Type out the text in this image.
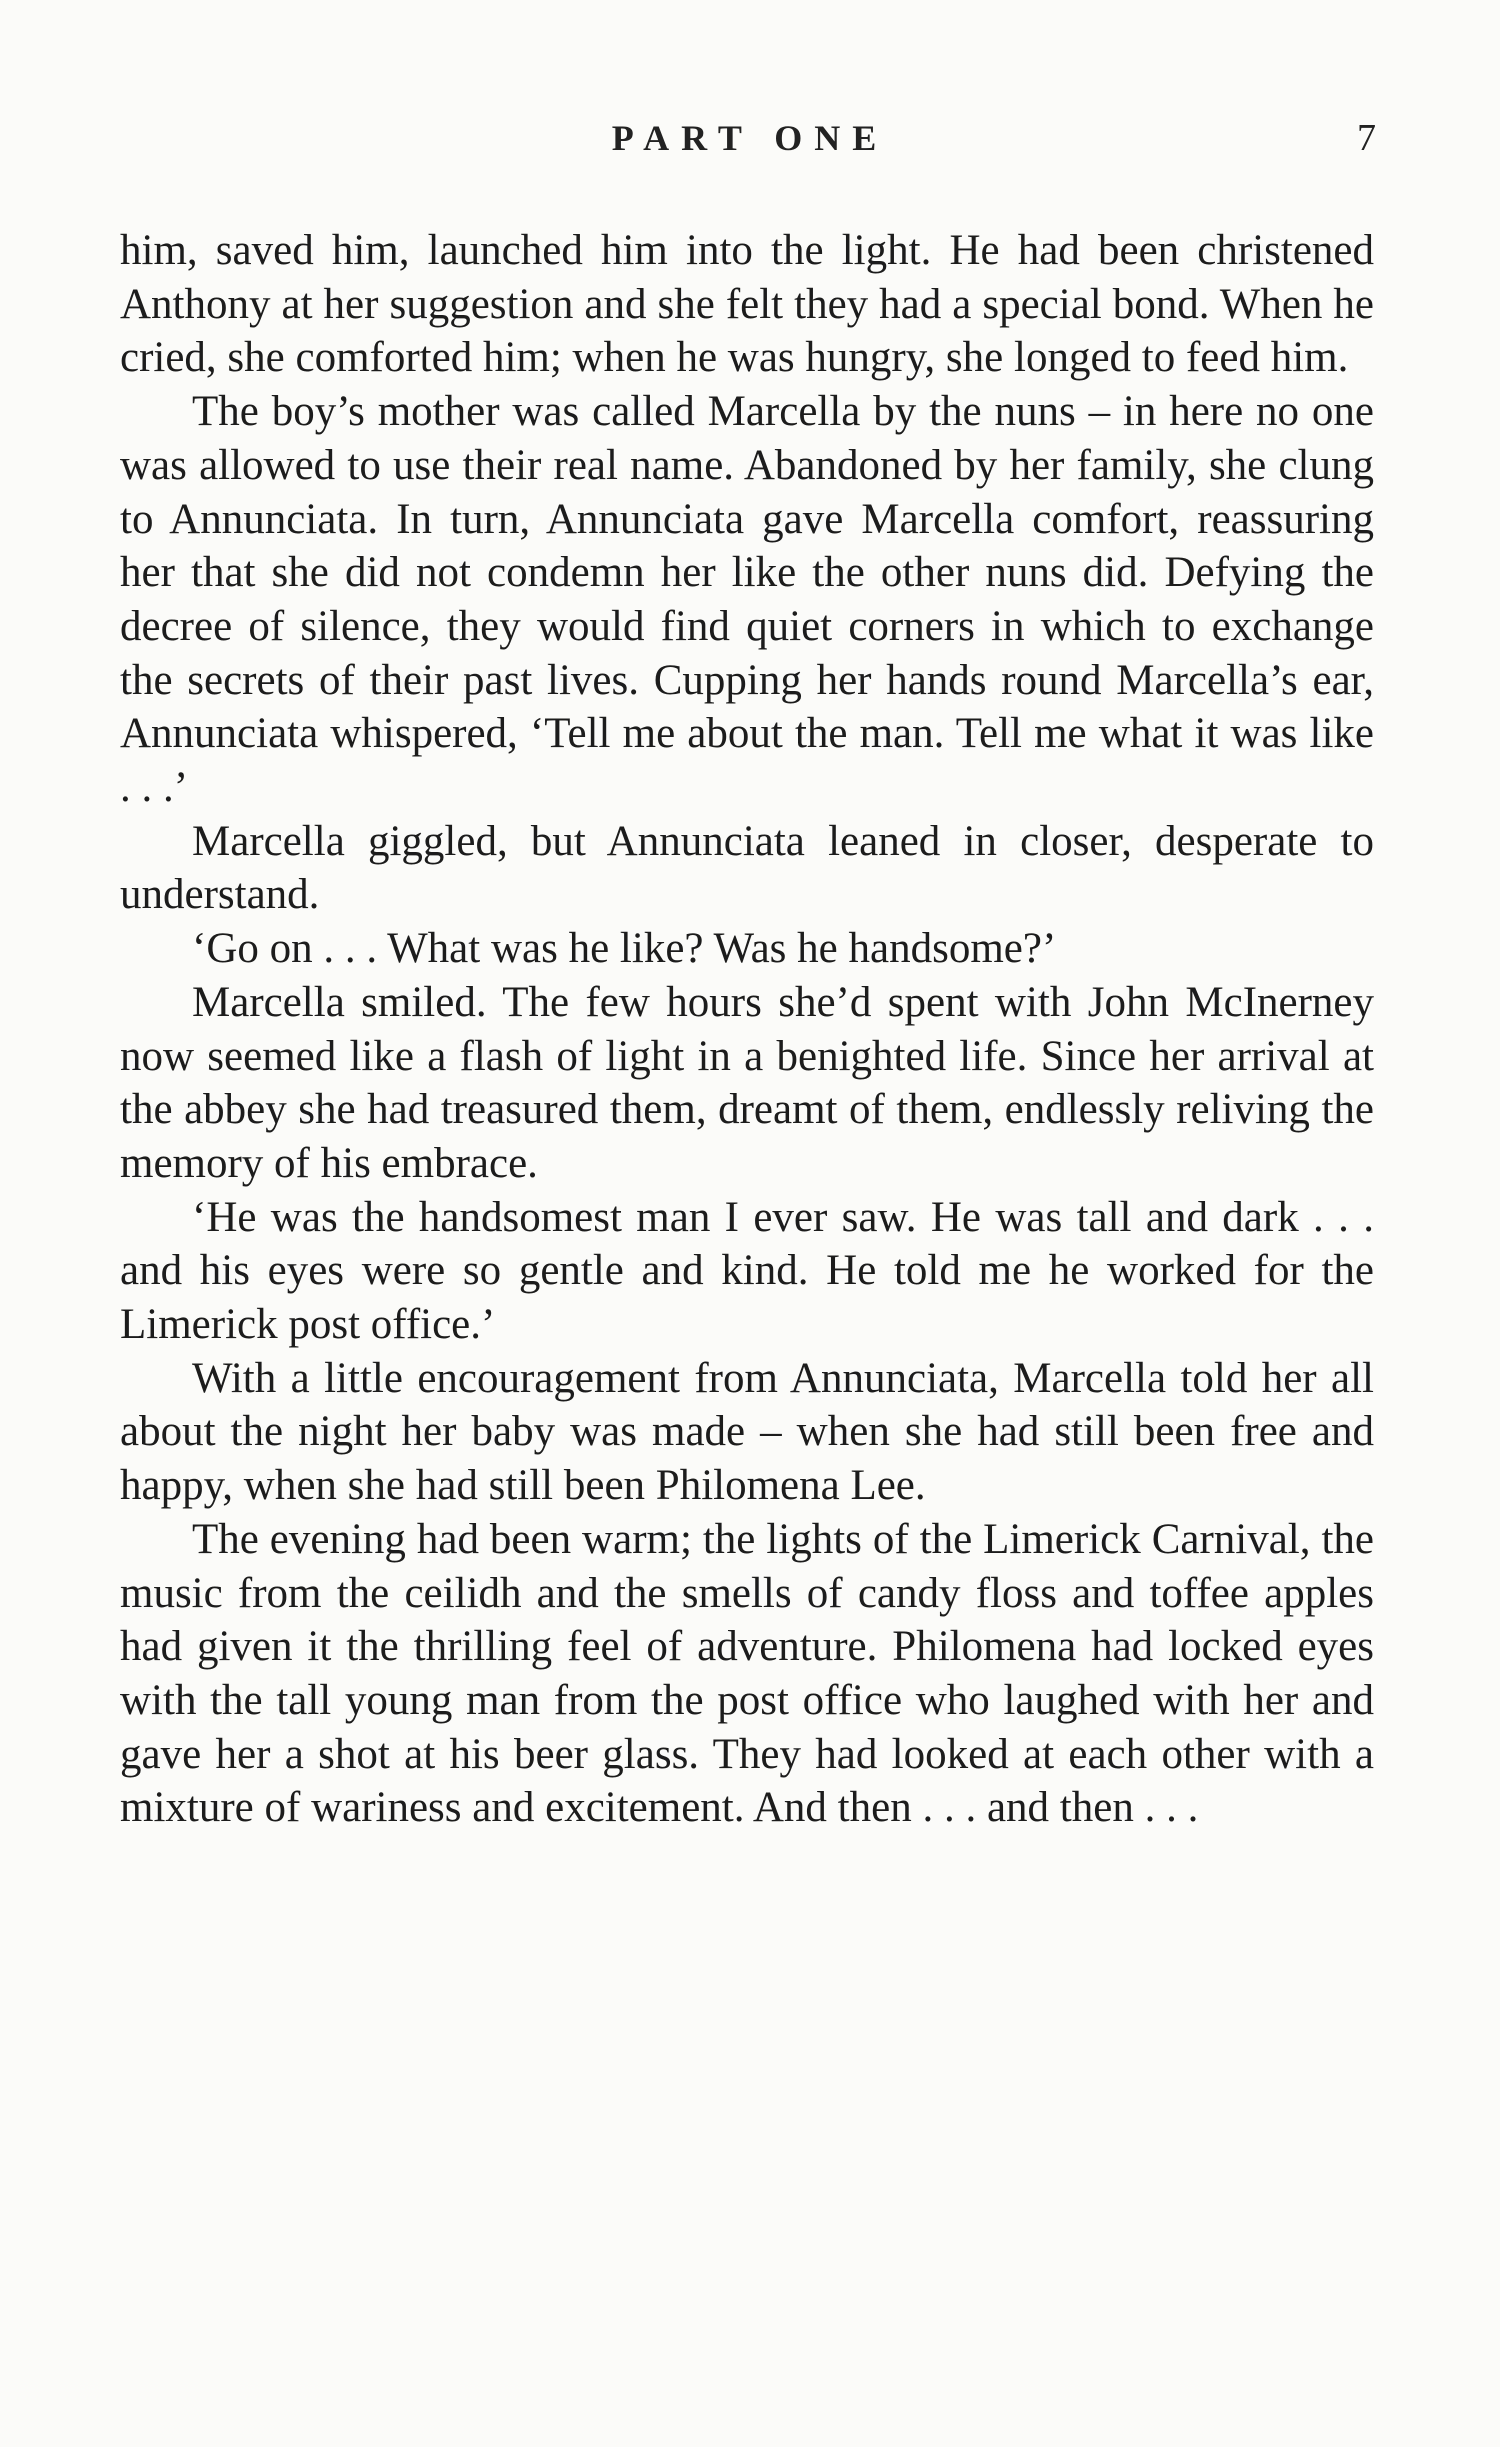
PART ONE	7

him, saved him, launched him into the light. He had been christened Anthony at her suggestion and she felt they had a special bond. When he cried, she comforted him; when he was hungry, she longed to feed him.

The boy’s mother was called Marcella by the nuns – in here no one was allowed to use their real name. Abandoned by her family, she clung to Annunciata. In turn, Annunciata gave Marcella comfort, reassuring her that she did not condemn her like the other nuns did. Defying the decree of silence, they would find quiet corners in which to exchange the secrets of their past lives. Cupping her hands round Marcella’s ear, Annunciata whispered, ‘Tell me about the man. Tell me what it was like . . .’

Marcella giggled, but Annunciata leaned in closer, desperate to understand.

‘Go on . . . What was he like? Was he handsome?’

Marcella smiled. The few hours she’d spent with John McInerney now seemed like a flash of light in a benighted life. Since her arrival at the abbey she had treasured them, dreamt of them, endlessly reliving the memory of his embrace.

‘He was the handsomest man I ever saw. He was tall and dark . . . and his eyes were so gentle and kind. He told me he worked for the Limerick post office.’

With a little encouragement from Annunciata, Marcella told her all about the night her baby was made – when she had still been free and happy, when she had still been Philomena Lee.

The evening had been warm; the lights of the Limerick Carnival, the music from the ceilidh and the smells of candy floss and toffee apples had given it the thrilling feel of adventure. Philomena had locked eyes with the tall young man from the post office who laughed with her and gave her a shot at his beer glass. They had looked at each other with a mixture of wariness and excitement. And then . . . and then . . .
